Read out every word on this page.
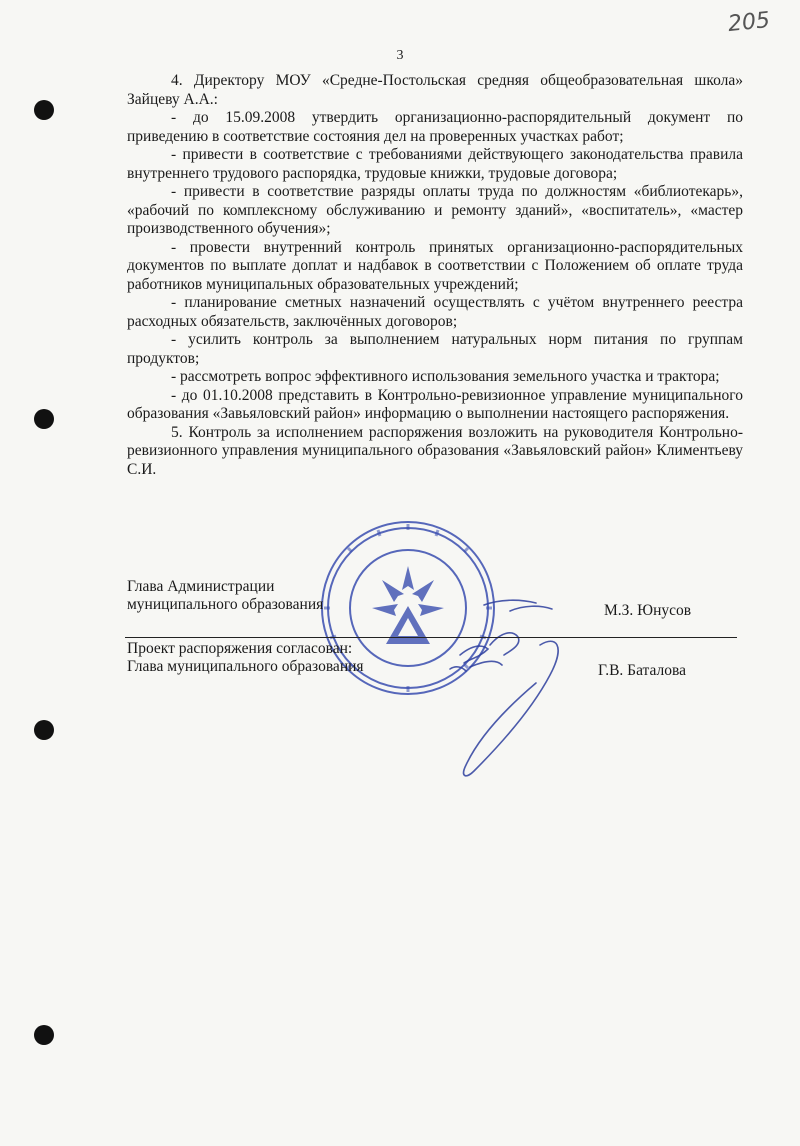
205
3

4. Директору МОУ «Средне-Постольская средняя общеобразовательная школа» Зайцеву А.А.:

- до 15.09.2008 утвердить организационно-распорядительный документ по приведению в соответствие состояния дел на проверенных участках работ;

- привести в соответствие с требованиями действующего законодательства правила внутреннего трудового распорядка, трудовые книжки, трудовые договора;

- привести в соответствие разряды оплаты труда по должностям «библиотекарь», «рабочий по комплексному обслуживанию и ремонту зданий», «воспитатель», «мастер производственного обучения»;

- провести внутренний контроль принятых организационно-распорядительных документов по выплате доплат и надбавок в соответствии с Положением об оплате труда работников муниципальных образовательных учреждений;

- планирование сметных назначений осуществлять с учётом внутреннего реестра расходных обязательств, заключённых договоров;

- усилить контроль за выполнением натуральных норм питания по группам продуктов;

- рассмотреть вопрос эффективного использования земельного участка и трактора;

- до 01.10.2008 представить в Контрольно-ревизионное управление муниципального образования «Завьяловский район» информацию о выполнении настоящего распоряжения.

5. Контроль за исполнением распоряжения возложить на руководителя Контрольно-ревизионного управления муниципального образования «Завьяловский район» Климентьеву С.И.

Глава Администрации
муниципального образования	М.З. Юнусов
Проект распоряжения согласован:
Глава муниципального образования	Г.В. Баталова
